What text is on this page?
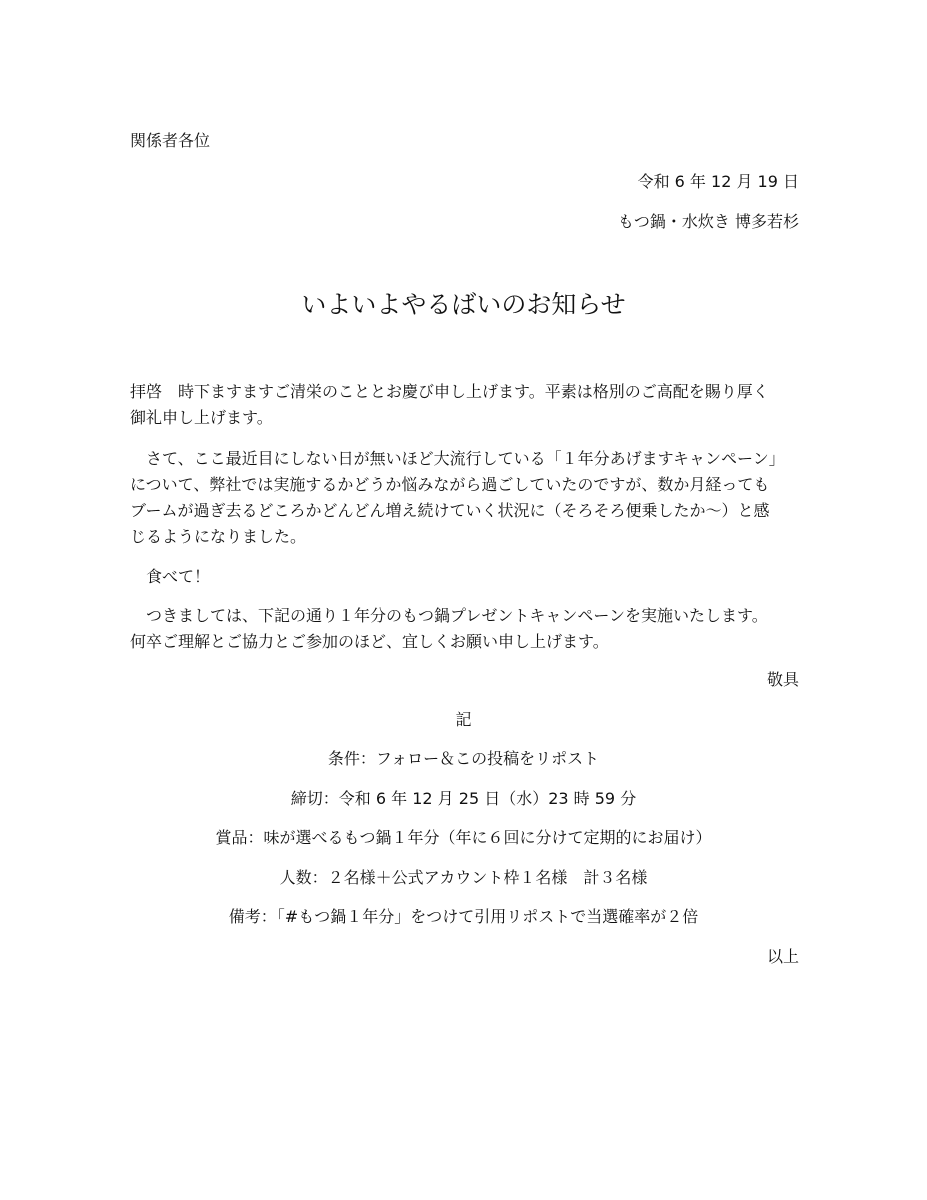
関係者各位

令和 6 年 12 月 19 日

もつ鍋・水炊き 博多若杉

いよいよやるばいのお知らせ
拝啓　時下ますますご清栄のこととお慶び申し上げます。平素は格別のご高配を賜り厚く
御礼申し上げます。
さて、ここ最近目にしない日が無いほど大流行している「１年分あげますキャンペーン」
について、弊社では実施するかどうか悩みながら過ごしていたのですが、数か月経っても
ブームが過ぎ去るどころかどんどん増え続けていく状況に（そろそろ便乗したか〜）と感
じるようになりました。
食べて！
つきましては、下記の通り１年分のもつ鍋プレゼントキャンペーンを実施いたします。
何卒ご理解とご協力とご参加のほど、宜しくお願い申し上げます。

敬具

記

条件：フォロー＆この投稿をリポスト

締切：令和 6 年 12 月 25 日（水）23 時 59 分

賞品：味が選べるもつ鍋１年分（年に６回に分けて定期的にお届け）

人数：２名様＋公式アカウント枠１名様　計３名様

備考：「#もつ鍋１年分」をつけて引用リポストで当選確率が２倍

以上
